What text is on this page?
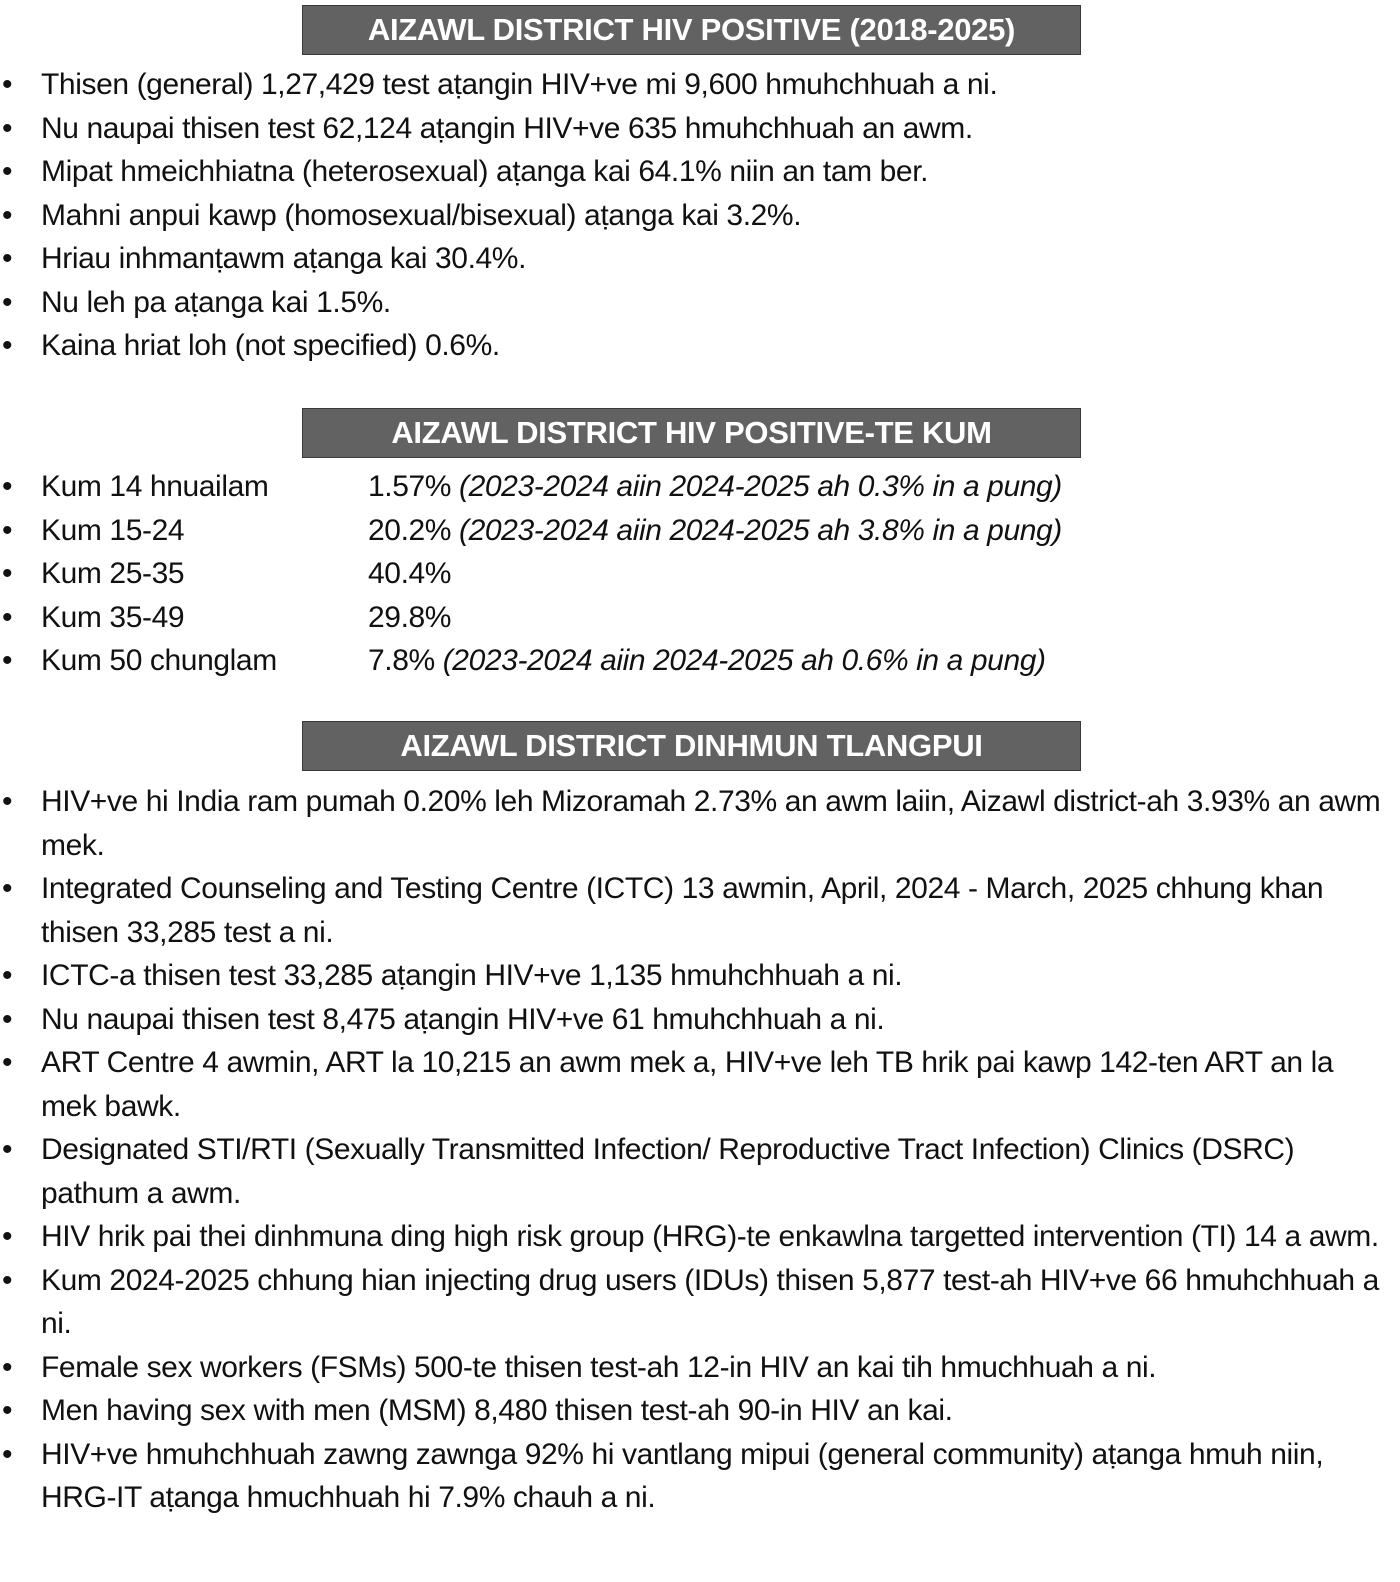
AIZAWL DISTRICT HIV POSITIVE (2018-2025)
• Thisen (general) 1,27,429 test aṭangin HIV+ve mi 9,600 hmuhchhuah a ni.
• Nu naupai thisen test 62,124 aṭangin HIV+ve 635 hmuhchhuah an awm.
• Mipat hmeichhiatna (heterosexual) aṭanga kai 64.1% niin an tam ber.
• Mahni anpui kawp (homosexual/bisexual) aṭanga kai 3.2%.
• Hriau inhmanṭawm aṭanga kai 30.4%.
• Nu leh pa aṭanga kai 1.5%.
• Kaina hriat loh (not specified) 0.6%.
AIZAWL DISTRICT HIV POSITIVE-TE KUM
• Kum 14 hnuailam	1.57% (2023-2024 aiin 2024-2025 ah 0.3% in a pung)
• Kum 15-24	20.2% (2023-2024 aiin 2024-2025 ah 3.8% in a pung)
• Kum 25-35	40.4%
• Kum 35-49	29.8%
• Kum 50 chunglam	7.8% (2023-2024 aiin 2024-2025 ah 0.6% in a pung)
AIZAWL DISTRICT DINHMUN TLANGPUI
• HIV+ve hi India ram pumah 0.20% leh Mizoramah 2.73% an awm laiin, Aizawl district-ah 3.93% an awm mek.
• Integrated Counseling and Testing Centre (ICTC) 13 awmin, April, 2024 - March, 2025 chhung khan thisen 33,285 test a ni.
• ICTC-a thisen test 33,285 aṭangin HIV+ve 1,135 hmuhchhuah a ni.
• Nu naupai thisen test 8,475 aṭangin HIV+ve 61 hmuhchhuah a ni.
• ART Centre 4 awmin, ART la 10,215 an awm mek a, HIV+ve leh TB hrik pai kawp 142-ten ART an la mek bawk.
• Designated STI/RTI (Sexually Transmitted Infection/ Reproductive Tract Infection) Clinics (DSRC) pathum a awm.
• HIV hrik pai thei dinhmuna ding high risk group (HRG)-te enkawlna targetted intervention (TI) 14 a awm.
• Kum 2024-2025 chhung hian injecting drug users (IDUs) thisen 5,877 test-ah HIV+ve 66 hmuhchhuah a ni.
• Female sex workers (FSMs) 500-te thisen test-ah 12-in HIV an kai tih hmuchhuah a ni.
• Men having sex with men (MSM) 8,480 thisen test-ah 90-in HIV an kai.
• HIV+ve hmuhchhuah zawng zawnga 92% hi vantlang mipui (general community) aṭanga hmuh niin, HRG-IT aṭanga hmuchhuah hi 7.9% chauh a ni.
